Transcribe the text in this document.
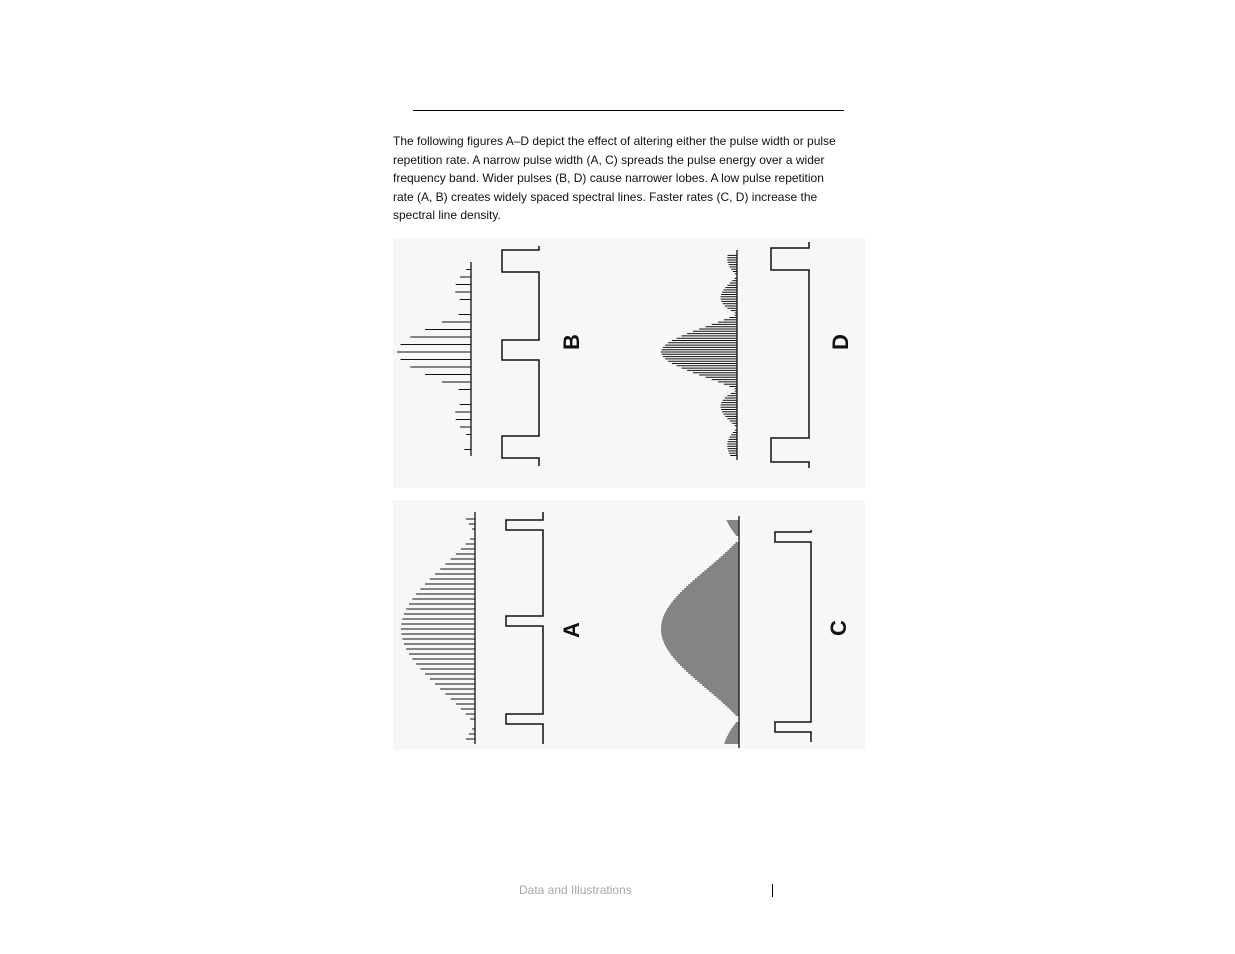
The following figures A–D depict the effect of altering either the pulse width or pulse repetition rate. A narrow pulse width (A, C) spreads the pulse energy over a wider frequency band. Wider pulses (B, D) cause narrower lobes. A low pulse repetition rate (A, B) creates widely spaced spectral lines. Faster rates (C, D) increase the spectral line density.

B	D
A	C
Data and Illustrations
